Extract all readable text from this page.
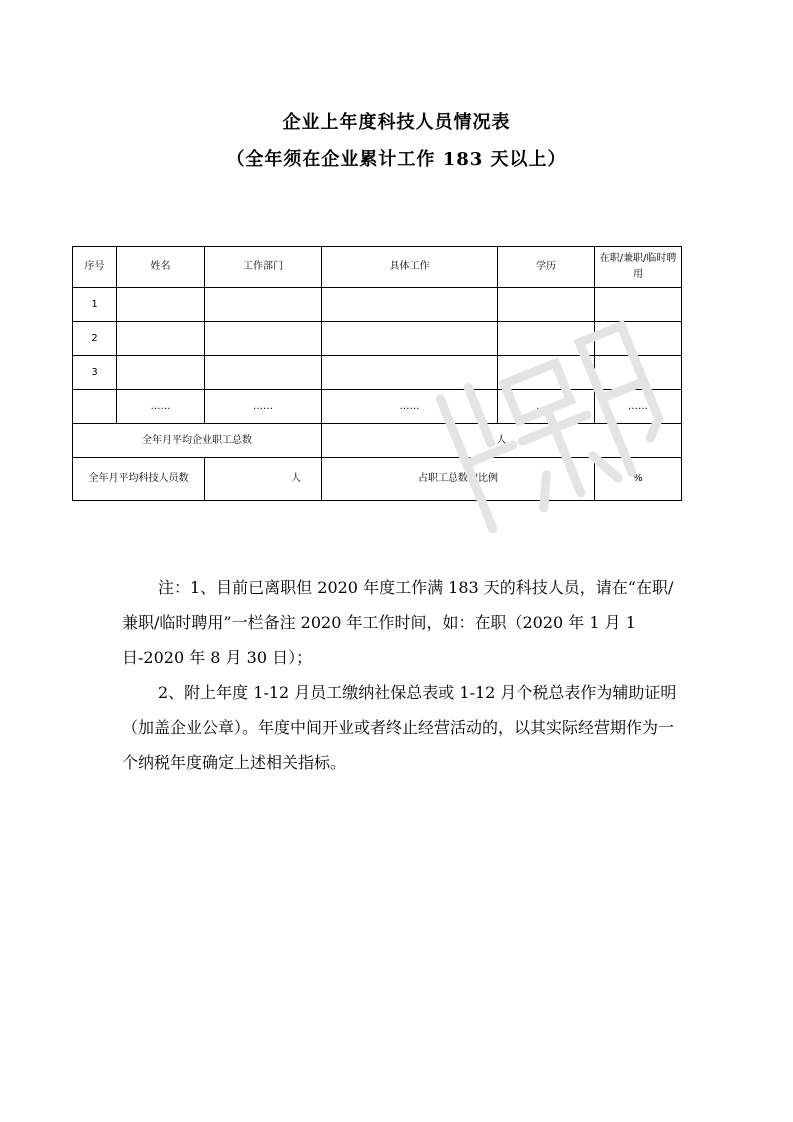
企业上年度科技人员情况表
（全年须在企业累计工作 183 天以上）
序号	姓名	工作部门	具体工作	学历	在职/兼职/临时聘用
1					
2					
3					
	……	……	……	……	……
全年月平均企业职工总数			人		
全年月平均科技人员数		人	占职工总数的比例		%

注：1、目前已离职但 2020 年度工作满 183 天的科技人员，请在“在职/兼职/临时聘用”一栏备注 2020 年工作时间，如：在职（2020 年 1 月 1 日-2020 年 8 月 30 日）；

2、附上年度 1-12 月员工缴纳社保总表或 1-12 月个税总表作为辅助证明（加盖企业公章）。年度中间开业或者终止经营活动的，以其实际经营期作为一个纳税年度确定上述相关指标。
